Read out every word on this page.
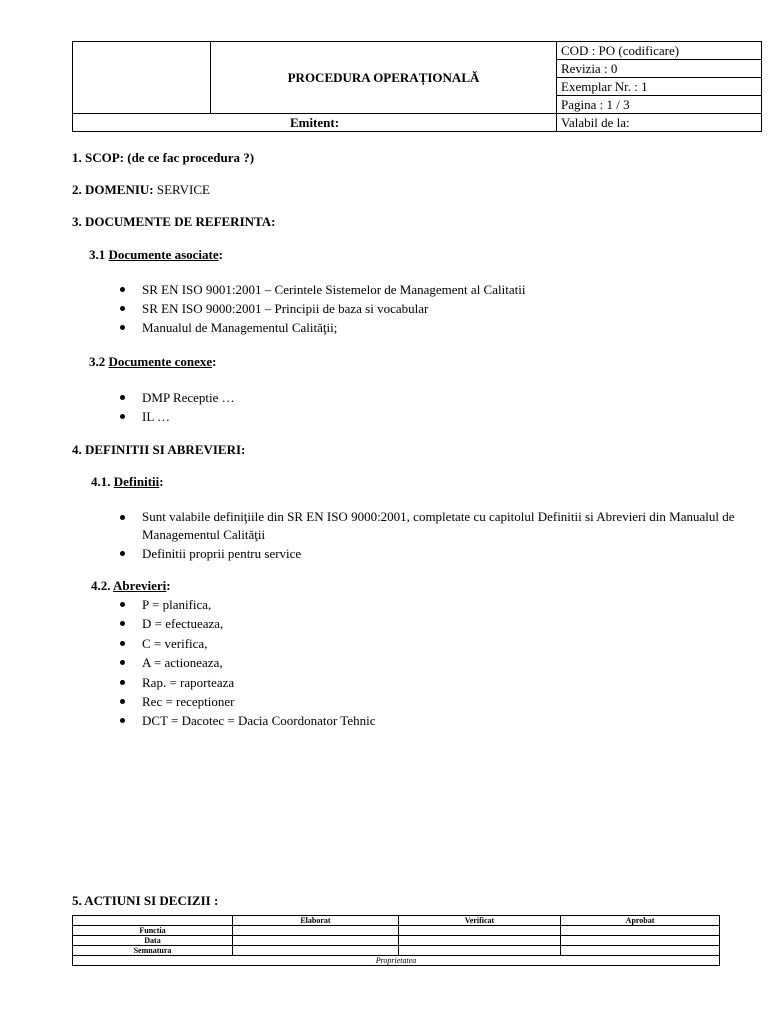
	PROCEDURA OPERAȚIONALĂ	COD : PO (codificare)
		Revizia : 0
		Exemplar Nr. : 1
		Pagina : 1 / 3
Emitent:		Valabil de la:
1. SCOP: (de ce fac procedura ?)
2. DOMENIU: SERVICE
3. DOCUMENTE DE REFERINTA:
3.1 Documente asociate:
SR EN ISO 9001:2001 – Cerintele Sistemelor de Management al Calitatii
SR EN ISO 9000:2001 – Principii de baza si vocabular
Manualul de Managementul Calităţii;
3.2 Documente conexe:
DMP Receptie …
IL …
4. DEFINITII SI ABREVIERI:
4.1. Definitii:
Sunt valabile definiţiile din SR EN ISO 9000:2001, completate cu capitolul Definitii si Abrevieri din Manualul de Managementul Calităţii
Definitii proprii pentru service
4.2. Abrevieri:
P = planifica,
D = efectueaza,
C = verifica,
A = actioneaza,
Rap. = raporteaza
Rec = receptioner
DCT = Dacotec = Dacia Coordonator Tehnic
5. ACTIUNI SI DECIZII :
	Elaborat	Verificat	Aprobat
Functia			
Data			
Semnatura			
Proprietatea			
